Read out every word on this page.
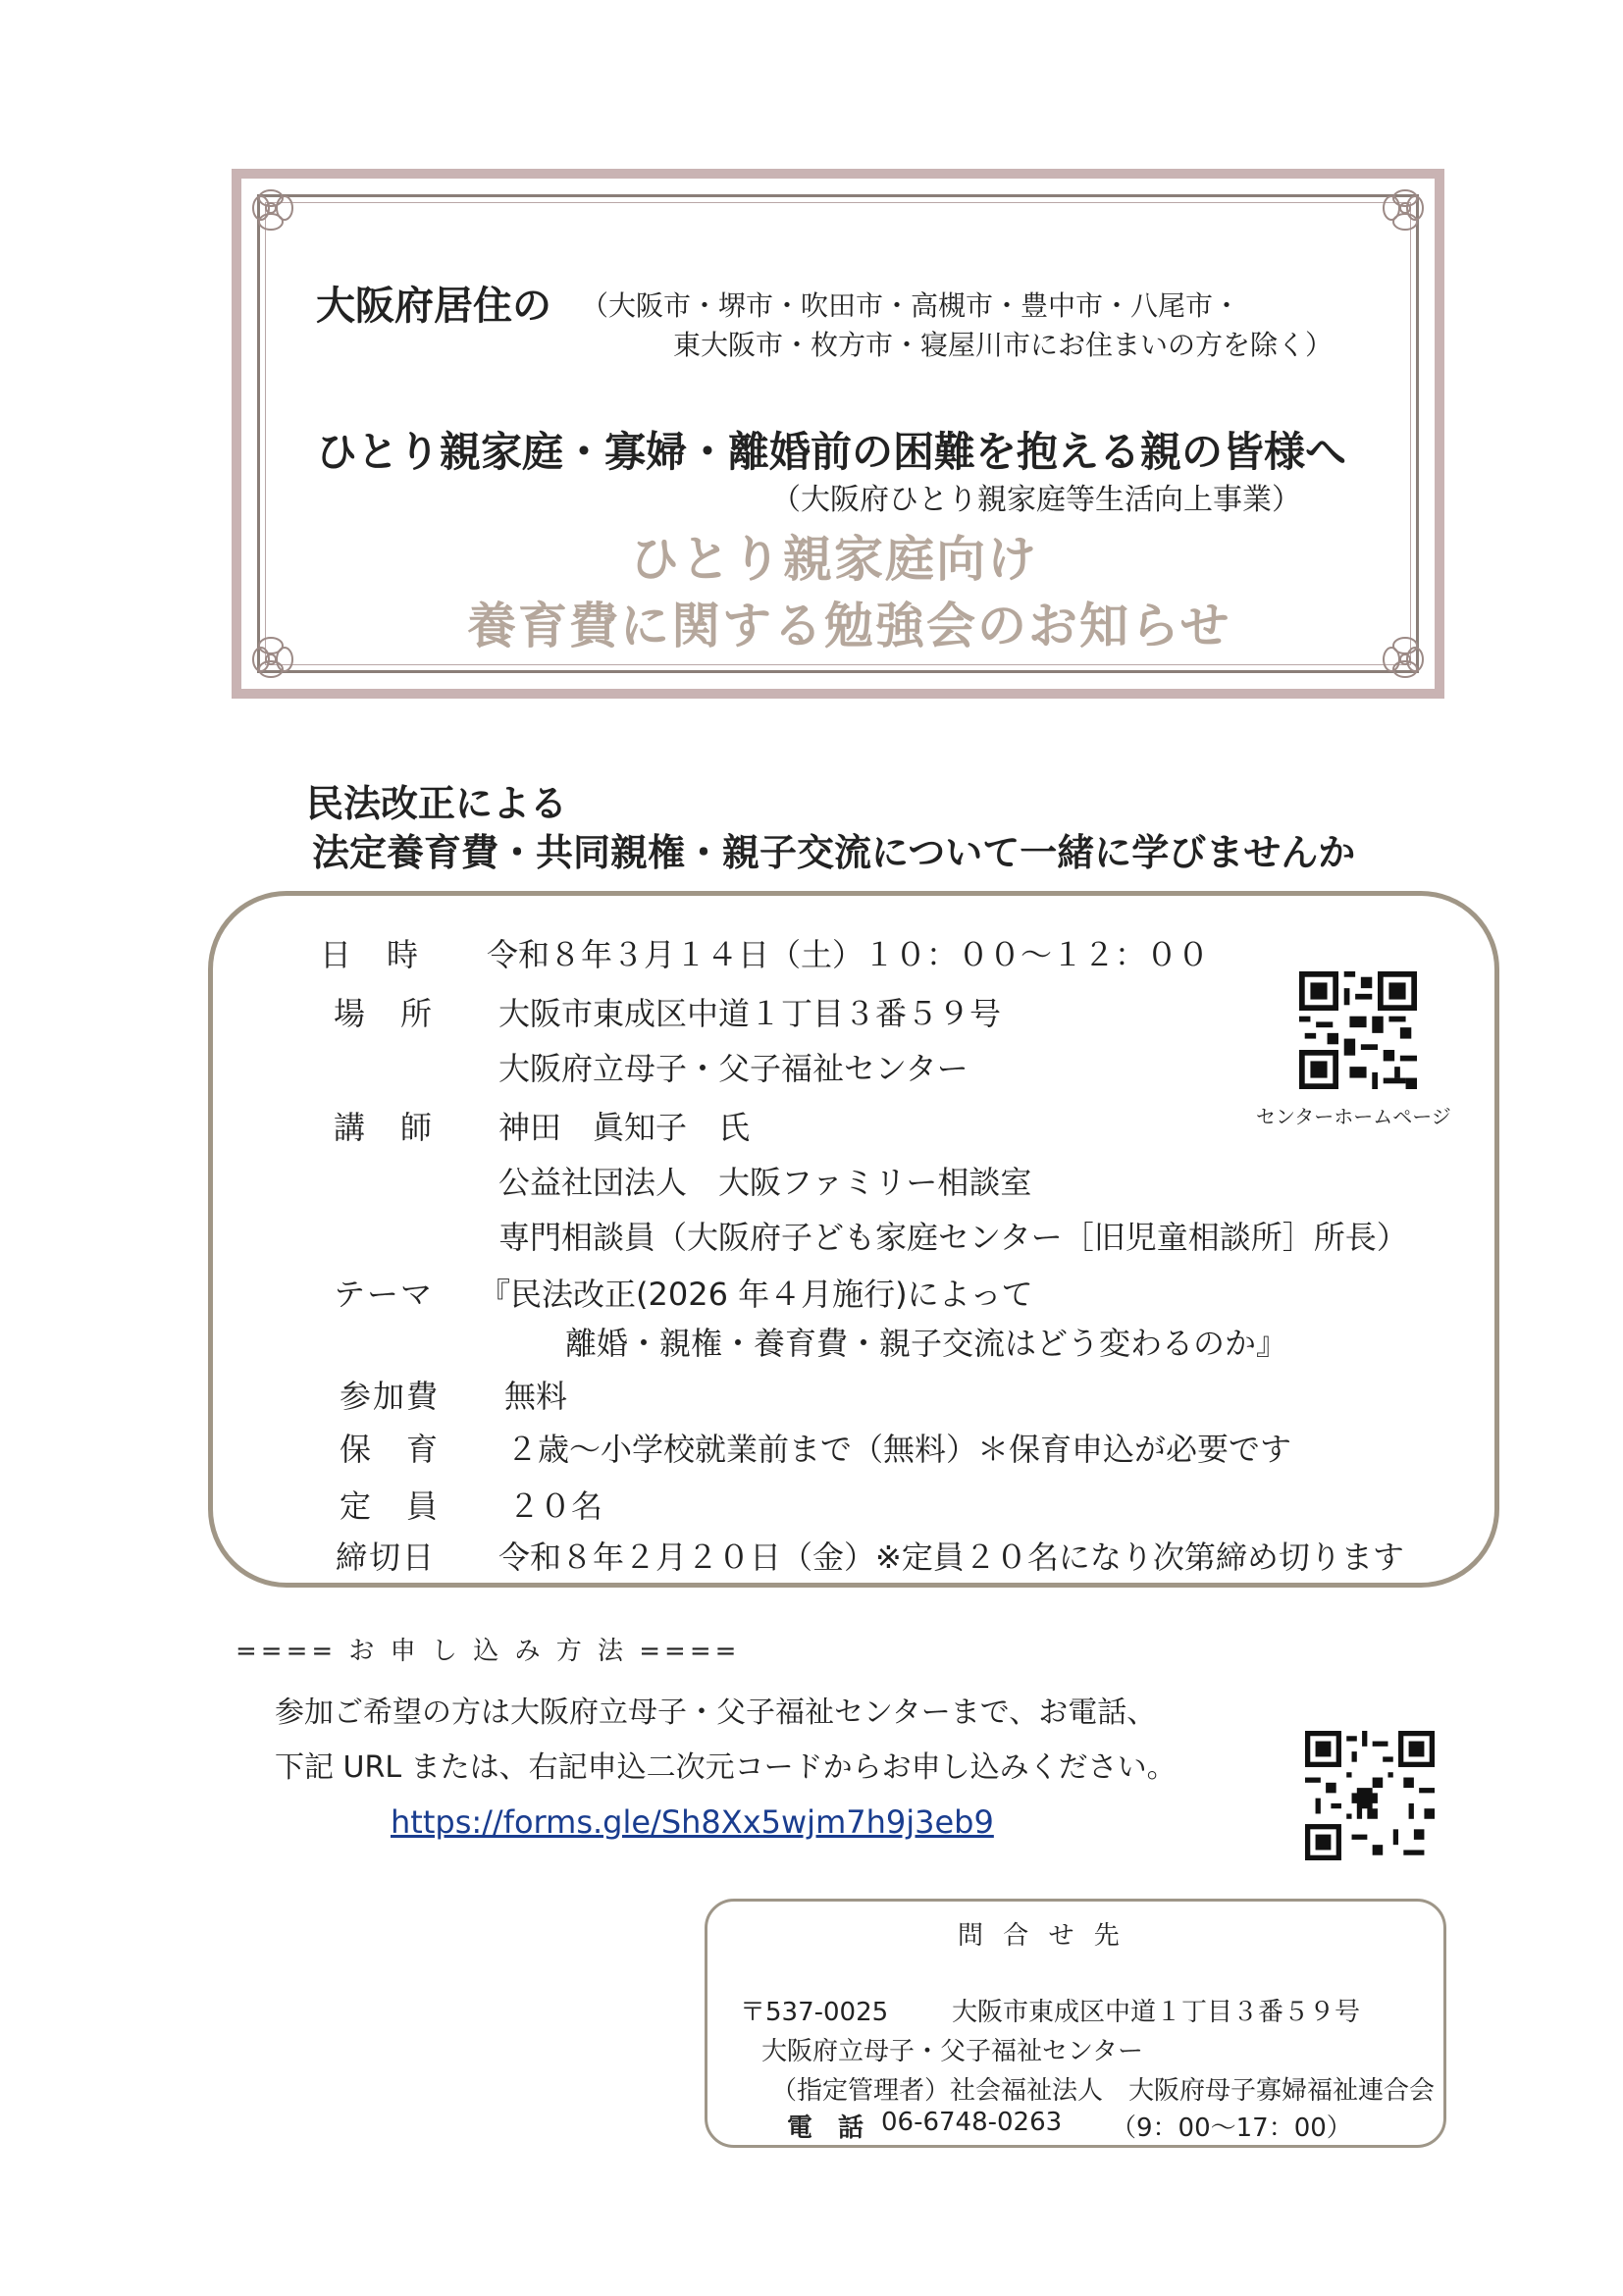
大阪府居住の （大阪市・堺市・吹田市・高槻市・豊中市・八尾市・
東大阪市・枚方市・寝屋川市にお住まいの方を除く）
ひとり親家庭・寡婦・離婚前の困難を抱える親の皆様へ
（大阪府ひとり親家庭等生活向上事業）
ひとり親家庭向け
養育費に関する勉強会のお知らせ
民法改正による
法定養育費・共同親権・親子交流について一緒に学びませんか
日　時 令和８年３月１４日（土）１０：００～１２：００
場　所 大阪市東成区中道１丁目３番５９号
大阪府立母子・父子福祉センター
講　師 神田　眞知子　氏
公益社団法人　大阪ファミリー相談室
専門相談員（大阪府子ども家庭センター［旧児童相談所］所長）
テーマ 『民法改正(2026 年４月施行)によって
離婚・親権・養育費・親子交流はどう変わるのか』
参加費 無料
保　育 ２歳～小学校就業前まで（無料）＊保育申込が必要です
定　員 ２０名
締切日 令和８年２月２０日（金）※定員２０名になり次第締め切ります
センターホームページ
==== お 申 し 込 み 方 法 ====
参加ご希望の方は大阪府立母子・父子福祉センターまで、お電話、
下記 URL または、右記申込二次元コードからお申し込みください。
https://forms.gle/Sh8Xx5wjm7h9j3eb9
問 合 せ 先
〒537-0025 大阪市東成区中道１丁目３番５９号
大阪府立母子・父子福祉センター
（指定管理者）社会福祉法人　大阪府母子寡婦福祉連合会
電　話 06-6748-0263 （9：00～17：00）
